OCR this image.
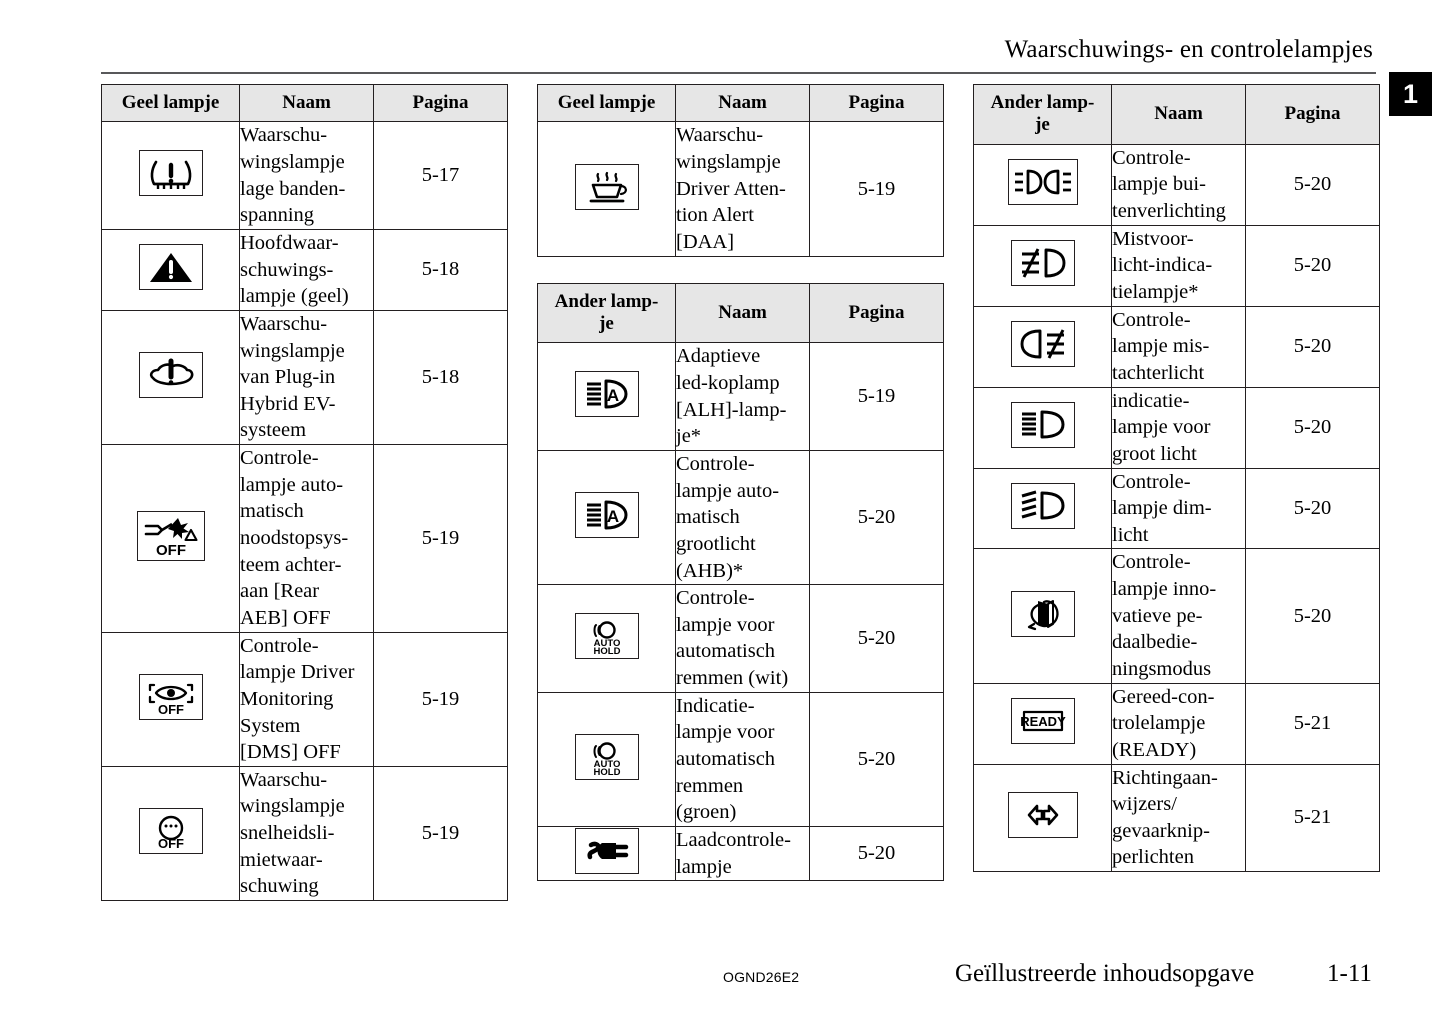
Waarschuwings- en controlelampjes
1
Geel lampje	Naam	Pagina

	Waarschu-
wingslampje
lage banden-
spanning	5-17

	Hoofdwaar-
schuwings-
lampje (geel)	5-18

	Waarschu-
wingslampje
van Plug-in
Hybrid EV-
systeem	5-18

OFF
	Controle-
lampje auto-
matisch
noodstopsys-
teem achter-
aan [Rear
AEB] OFF	5-19

OFF	Controle-
lampje Driver
Monitoring
System
[DMS] OFF	5-19

OFF	Waarschu-
wingslampje
snelheidsli-
mietwaar-
schuwing	5-19
Geel lampje	Naam	Pagina

	Waarschu-
wingslampje
Driver Atten-
tion Alert
[DAA]	5-19
Ander lamp-
je	Naam	Pagina

A	Adaptieve
led-koplamp
[ALH]-lamp-
je*	5-19

A	Controle-
lampje auto-
matisch
grootlicht
(AHB)*	5-20

AUTO
HOLD	Controle-
lampje voor
automatisch
remmen (wit)	5-20

AUTO
HOLD	Indicatie-
lampje voor
automatisch
remmen
(groen)	5-20

	Laadcontrole-
lampje	5-20
Ander lamp-
je	Naam	Pagina

	Controle-
lampje bui-
tenverlichting	5-20

	Mistvoor-
licht-indica-
tielampje*	5-20

	Controle-
lampje mis-
tachterlicht	5-20

	indicatie-
lampje voor
groot licht	5-20

	Controle-
lampje dim-
licht	5-20

	Controle-
lampje inno-
vatieve pe-
daalbedie-
ningsmodus	5-20

READY	Gereed-con-
trolelampje
(READY)	5-21

	Richtingaan-
wijzers/
gevaarknip-
perlichten	5-21
OGND26E2	Geïllustreerde inhoudsopgave	1-11
